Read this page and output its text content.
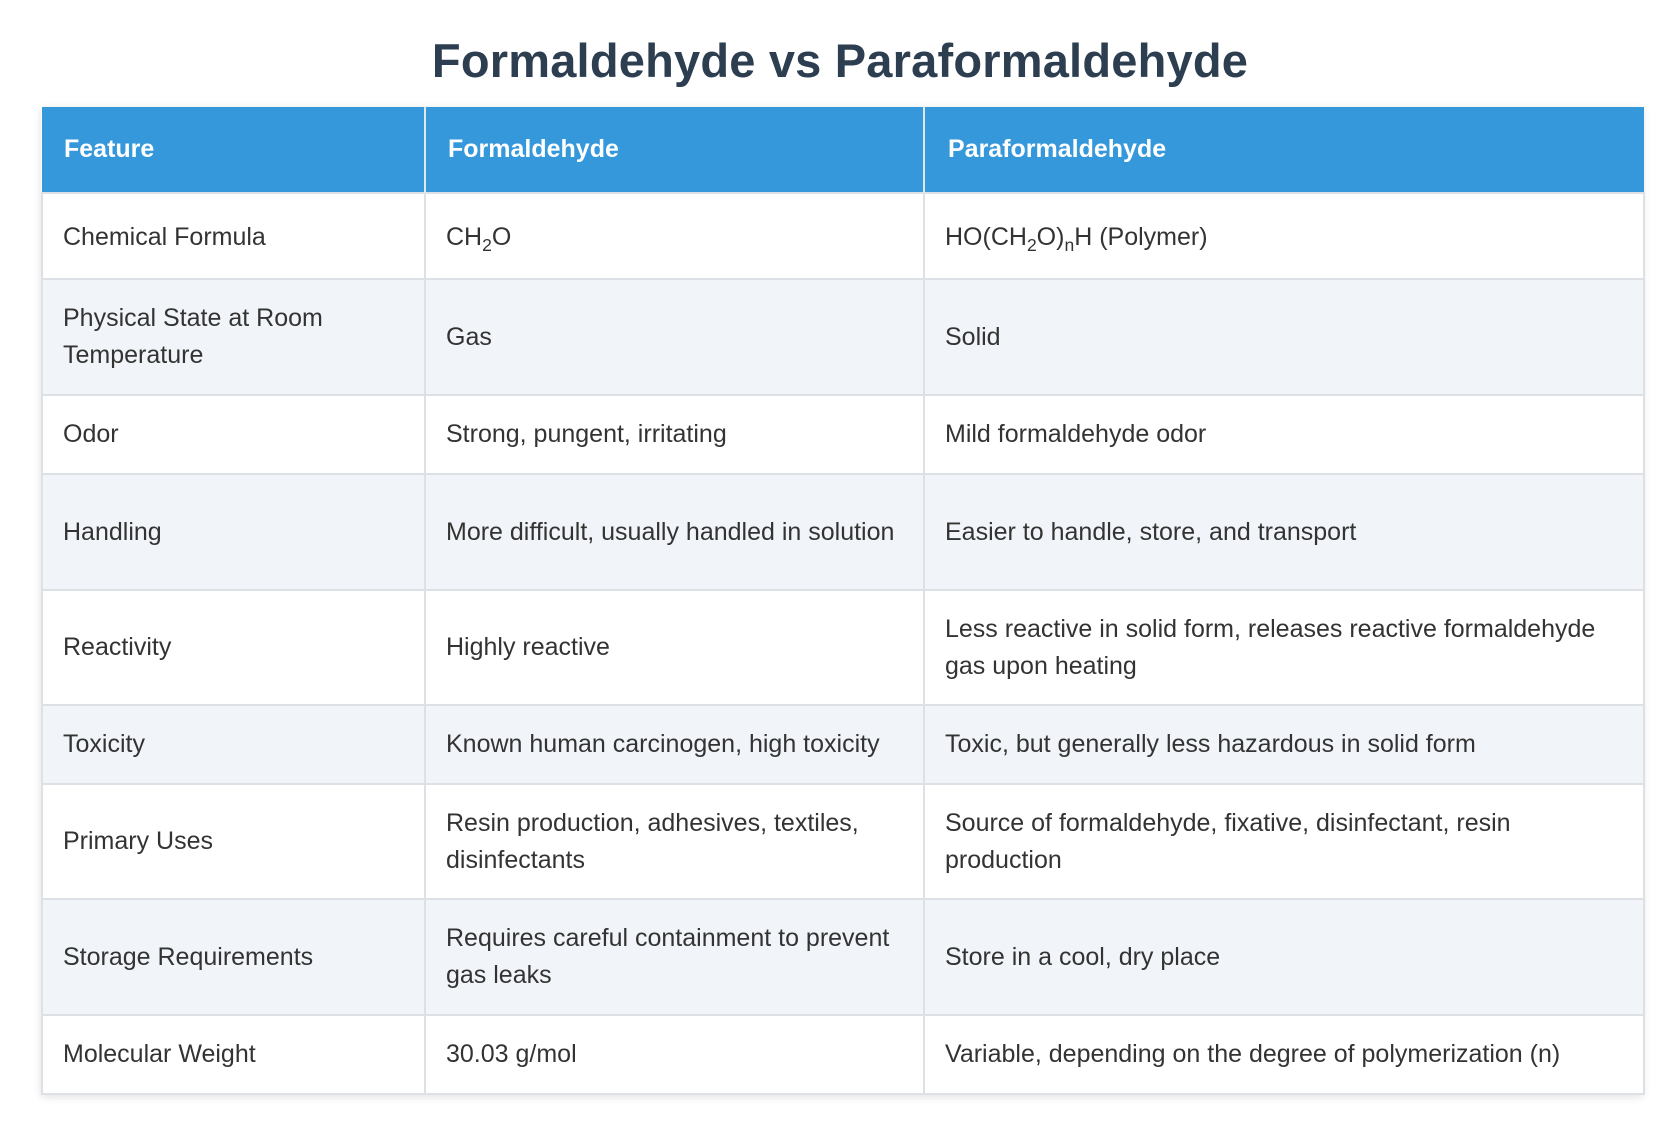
Formaldehyde vs Paraformaldehyde
Feature	Formaldehyde	Paraformaldehyde
Chemical Formula	$CH_2O$	$HO(CH_2O)_nH$ (Polymer)
Physical State at Room Temperature	Gas	Solid
Odor	Strong, pungent, irritating	Mild formaldehyde odor
Handling	More difficult, usually handled in solution	Easier to handle, store, and transport
Reactivity	Highly reactive	Less reactive in solid form, releases reactive formaldehyde gas upon heating
Toxicity	Known human carcinogen, high toxicity	Toxic, but generally less hazardous in solid form
Primary Uses	Resin production, adhesives, textiles, disinfectants	Source of formaldehyde, fixative, disinfectant, resin production
Storage Requirements	Requires careful containment to prevent gas leaks	Store in a cool, dry place
Molecular Weight	30.03 g/mol	Variable, depending on the degree of polymerization (n)
